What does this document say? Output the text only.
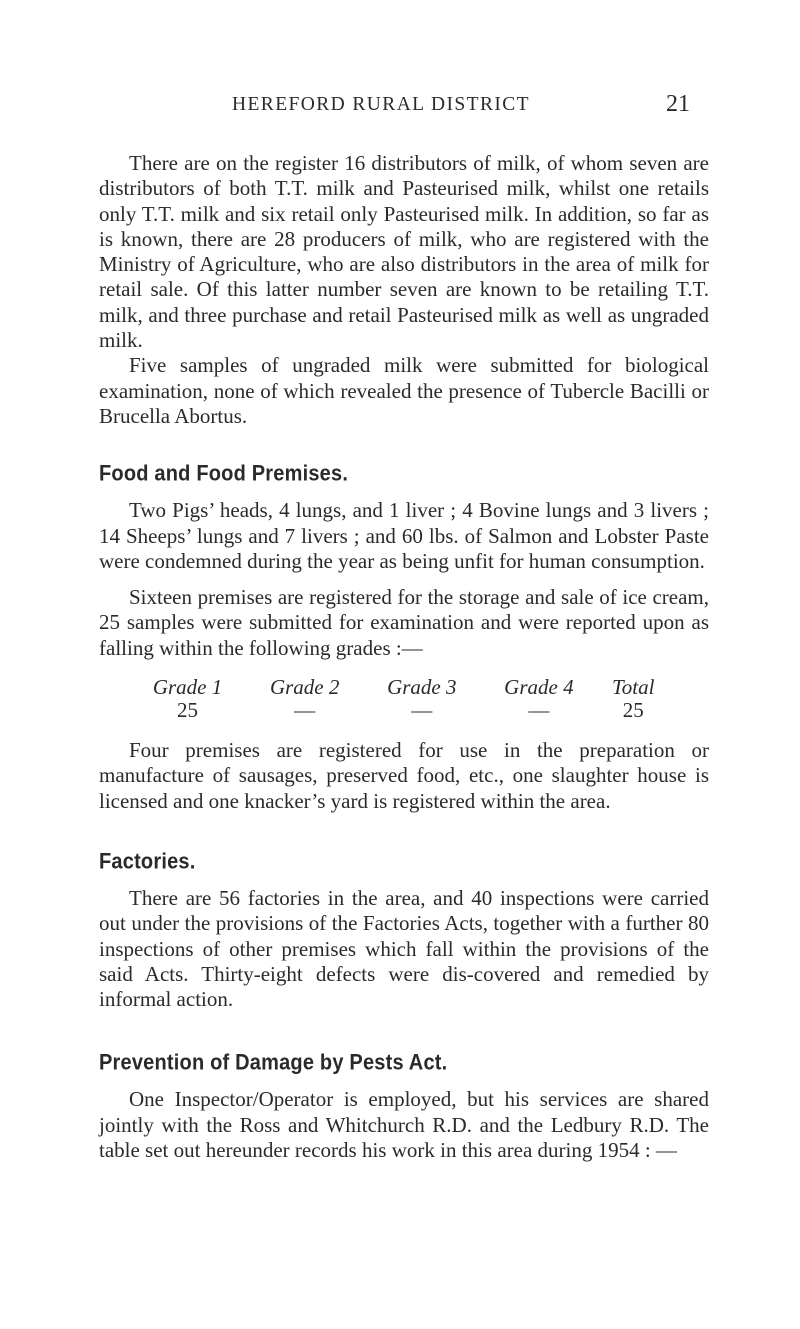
HEREFORD RURAL DISTRICT	21

There are on the register 16 distributors of milk, of whom seven are distributors of both T.T. milk and Pasteurised milk, whilst one retails only T.T. milk and six retail only Pasteurised milk. In addition, so far as is known, there are 28 producers of milk, who are registered with the Ministry of Agriculture, who are also distributors in the area of milk for retail sale. Of this latter number seven are known to be retailing T.T. milk, and three purchase and retail Pasteurised milk as well as ungraded milk.

Five samples of ungraded milk were submitted for biological examination, none of which revealed the presence of Tubercle Bacilli or Brucella Abortus.

Food and Food Premises.

Two Pigs’ heads, 4 lungs, and 1 liver ; 4 Bovine lungs and 3 livers ; 14 Sheeps’ lungs and 7 livers ; and 60 lbs. of Salmon and Lobster Paste were condemned during the year as being unfit for human consumption.

Sixteen premises are registered for the storage and sale of ice cream, 25 samples were submitted for examination and were reported upon as falling within the following grades :—

Grade 1	Grade 2	Grade 3	Grade 4	Total
25	—	—	—	25

Four premises are registered for use in the preparation or manufacture of sausages, preserved food, etc., one slaughter house is licensed and one knacker’s yard is registered within the area.

Factories.

There are 56 factories in the area, and 40 inspections were carried out under the provisions of the Factories Acts, together with a further 80 inspections of other premises which fall within the provisions of the said Acts. Thirty-eight defects were dis-covered and remedied by informal action.

Prevention of Damage by Pests Act.

One Inspector/Operator is employed, but his services are shared jointly with the Ross and Whitchurch R.D. and the Ledbury R.D. The table set out hereunder records his work in this area during 1954 : —
